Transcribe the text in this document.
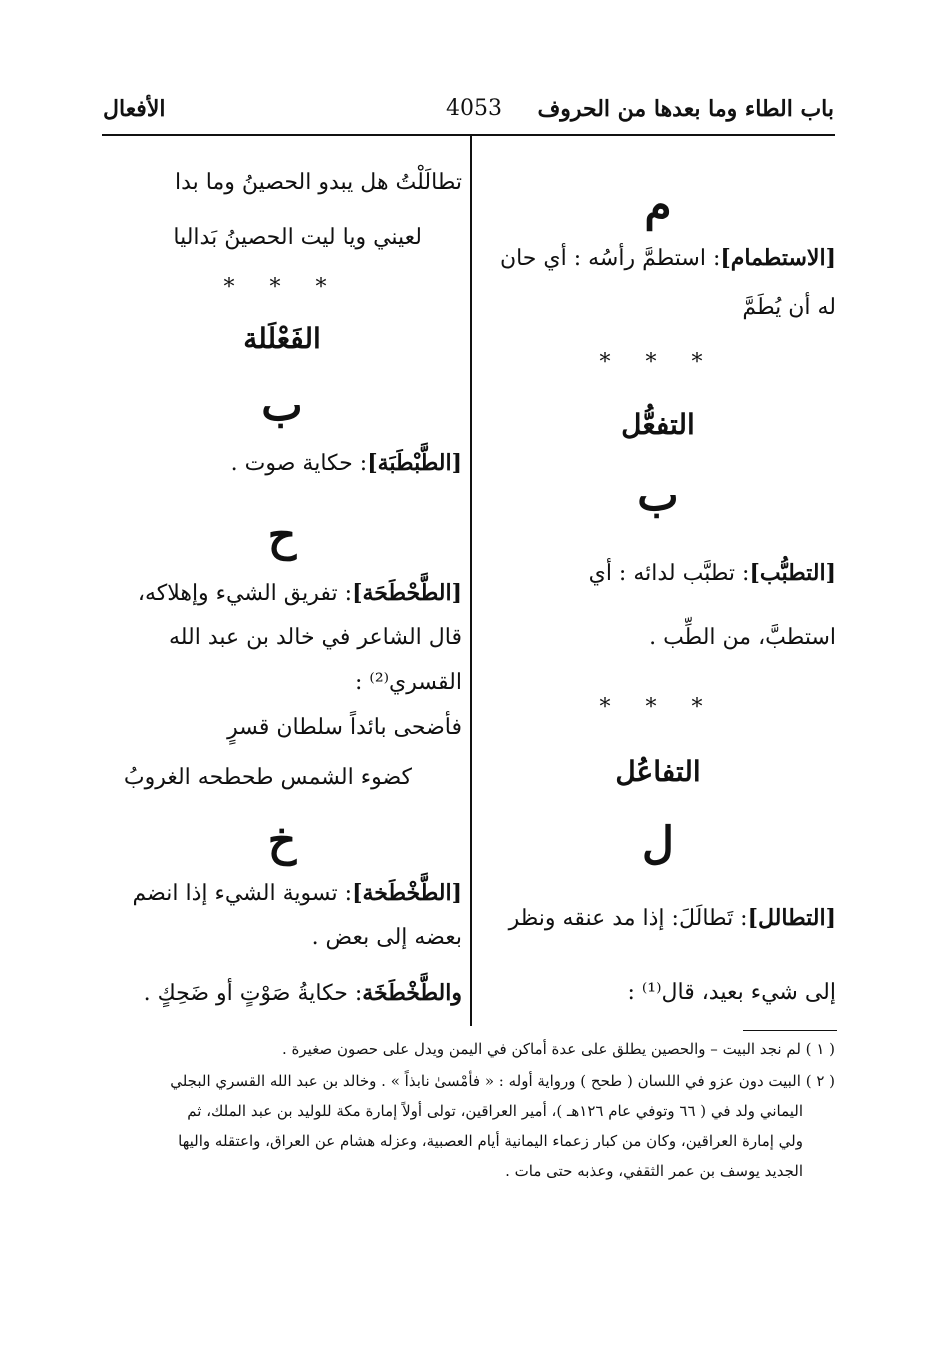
باب الطاء وما بعدها من الحروف
4053
الأفعال
م
[الاستطمام]: استطمَّ رأسُه : أي حان
له أن يُطَمَّ
* * *
التفعُّل
ب
[التطبُّب]: تطبَّب لدائه : أي
استطبَّ، من الطِّب .
* * *
التفاعُل
ل
[التطالل]: تَطالَلَ: إذا مد عنقه ونظر
إلى شيء بعيد، قال⁽¹⁾ :
تطالَلْتُ هل يبدو الحصينُ وما بدا
لعيني ويا ليت الحصينُ بَداليا
* * *
الفَعْلَلة
ب
[الطَّبْطَبَة]: حكاية صوت .
ح
[الطَّحْطَحَة]: تفريق الشيء وإهلاكه،
قال الشاعر في خالد بن عبد الله
القسري⁽²⁾ :
فأضحى بائداً سلطان قسرٍ
كضوء الشمس طحطحه الغروبُ
خ
[الطَّخْطَخة]: تسوية الشيء إذا انضم
بعضه إلى بعض .
والطَّخْطَخَة: حكايةُ صَوْتٍ أو ضَحِكٍ .
( ١ ) لم نجد البيت – والحصين يطلق على عدة أماكن في اليمن ويدل على حصون صغيرة .
( ٢ ) البيت دون عزو في اللسان ( طحح ) ورواية أوله : « فأمْسىٰ نابذاً » . وخالد بن عبد الله القسري البجلي
اليماني ولد في ( ٦٦ وتوفي عام ١٢٦هـ )، أمير العراقين، تولى أولاً إمارة مكة للوليد بن عبد الملك، ثم
ولي إمارة العراقين، وكان من كبار زعماء اليمانية أيام العصبية، وعزله هشام عن العراق، واعتقله واليها
الجديد يوسف بن عمر الثقفي، وعذبه حتى مات .
